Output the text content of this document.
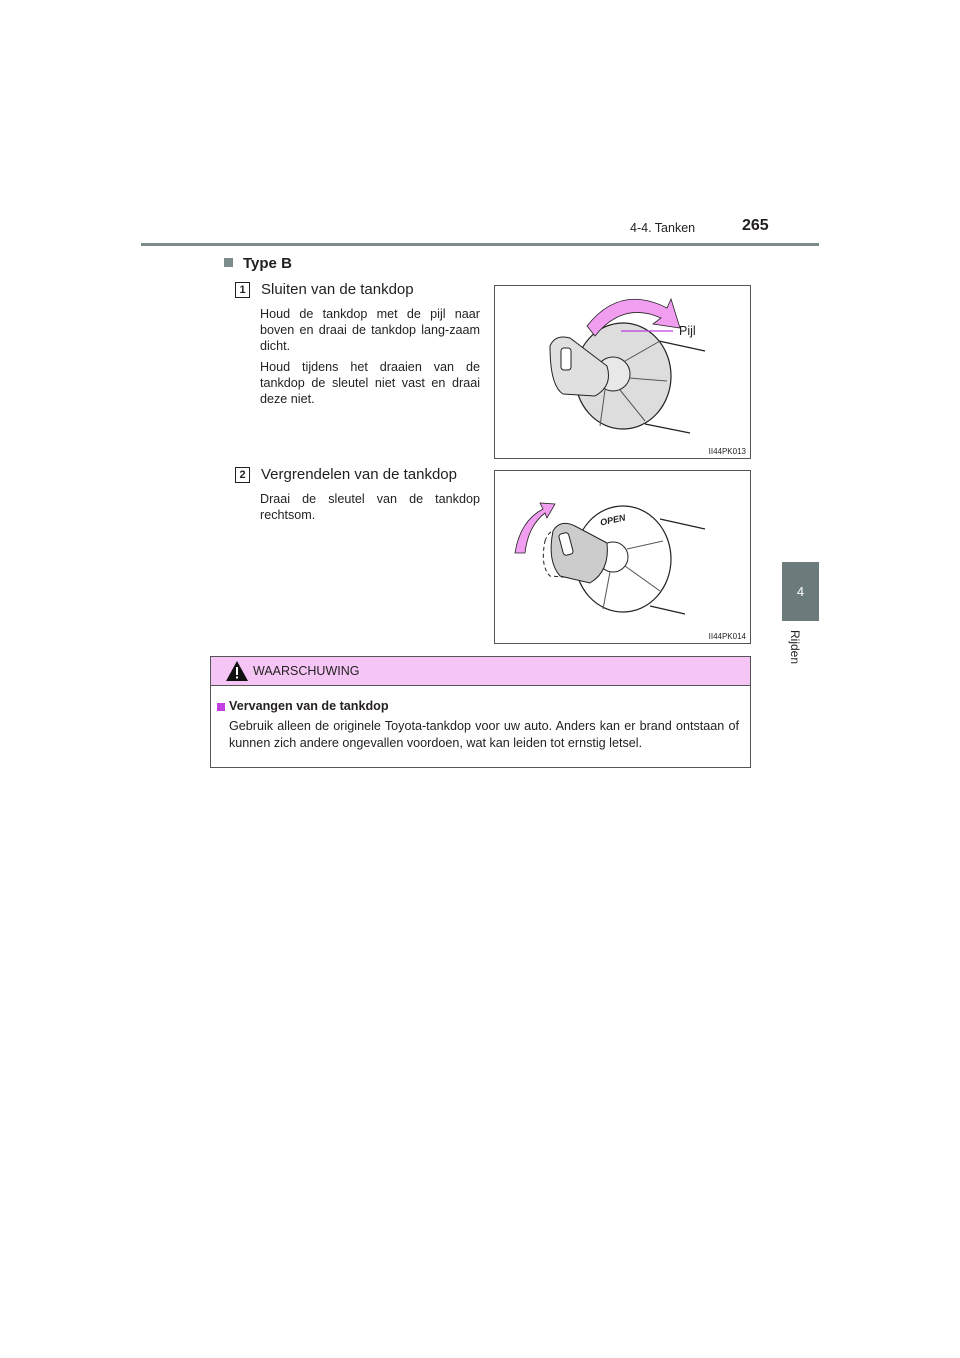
4-4. Tanken	265
4
Rijden
Type B
1 Sluiten van de tankdop
Houd de tankdop met de pijl naar boven en draai de tankdop lang-zaam dicht.
Houd tijdens het draaien van de tankdop de sleutel niet vast en draai deze niet.
Pijl
II44PK013
2 Vergrendelen van de tankdop
Draai de sleutel van de tankdop rechtsom.	OPEN
II44PK014
WAARSCHUWING
Vervangen van de tankdop
Gebruik alleen de originele Toyota-tankdop voor uw auto. Anders kan er brand ontstaan of kunnen zich andere ongevallen voordoen, wat kan leiden tot ernstig letsel.
